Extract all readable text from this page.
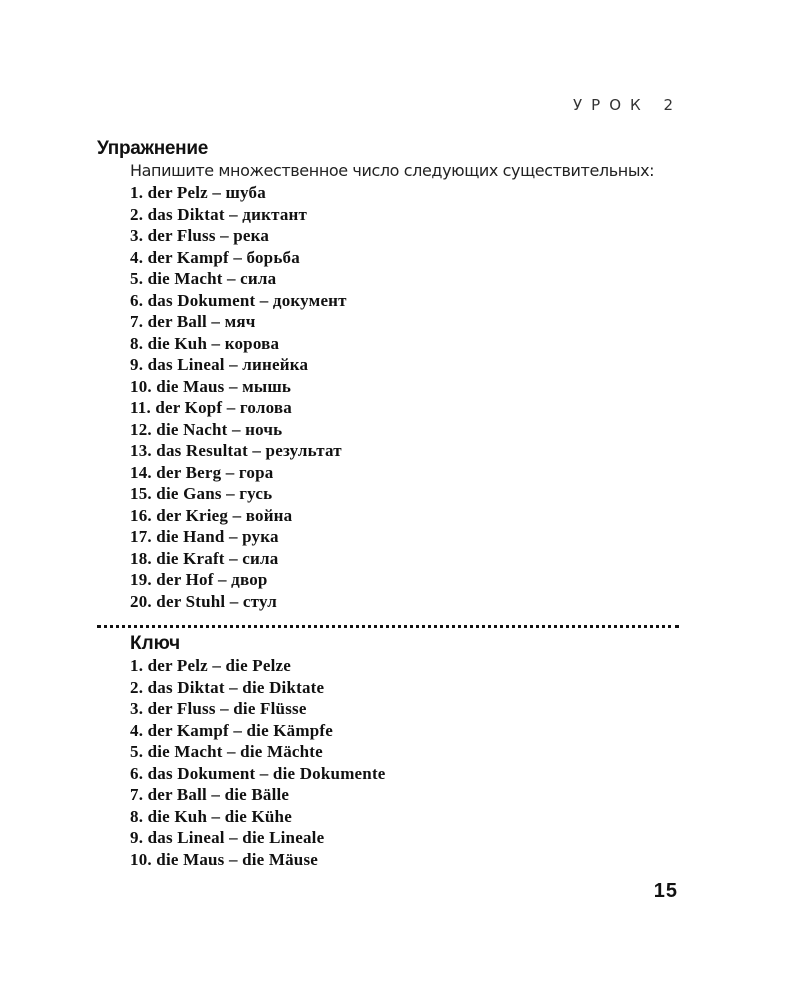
УРОК 2
Упражнение
Напишите множественное число следующих существительных:
1. der Pelz – шуба
2. das Diktat – диктант
3. der Fluss – река
4. der Kampf – борьба
5. die Macht – сила
6. das Dokument – документ
7. der Ball – мяч
8. die Kuh – корова
9. das Lineal – линейка
10. die Maus – мышь
11. der Kopf – голова
12. die Nacht – ночь
13. das Resultat – результат
14. der Berg – гора
15. die Gans – гусь
16. der Krieg – война
17. die Hand – рука
18. die Kraft – сила
19. der Hof – двор
20. der Stuhl – стул
Ключ
1. der Pelz – die Pelze
2. das Diktat – die Diktate
3. der Fluss – die Flüsse
4. der Kampf – die Kämpfe
5. die Macht – die Mächte
6. das Dokument – die Dokumente
7. der Ball – die Bälle
8. die Kuh – die Kühe
9. das Lineal – die Lineale
10. die Maus – die Mäuse
15
